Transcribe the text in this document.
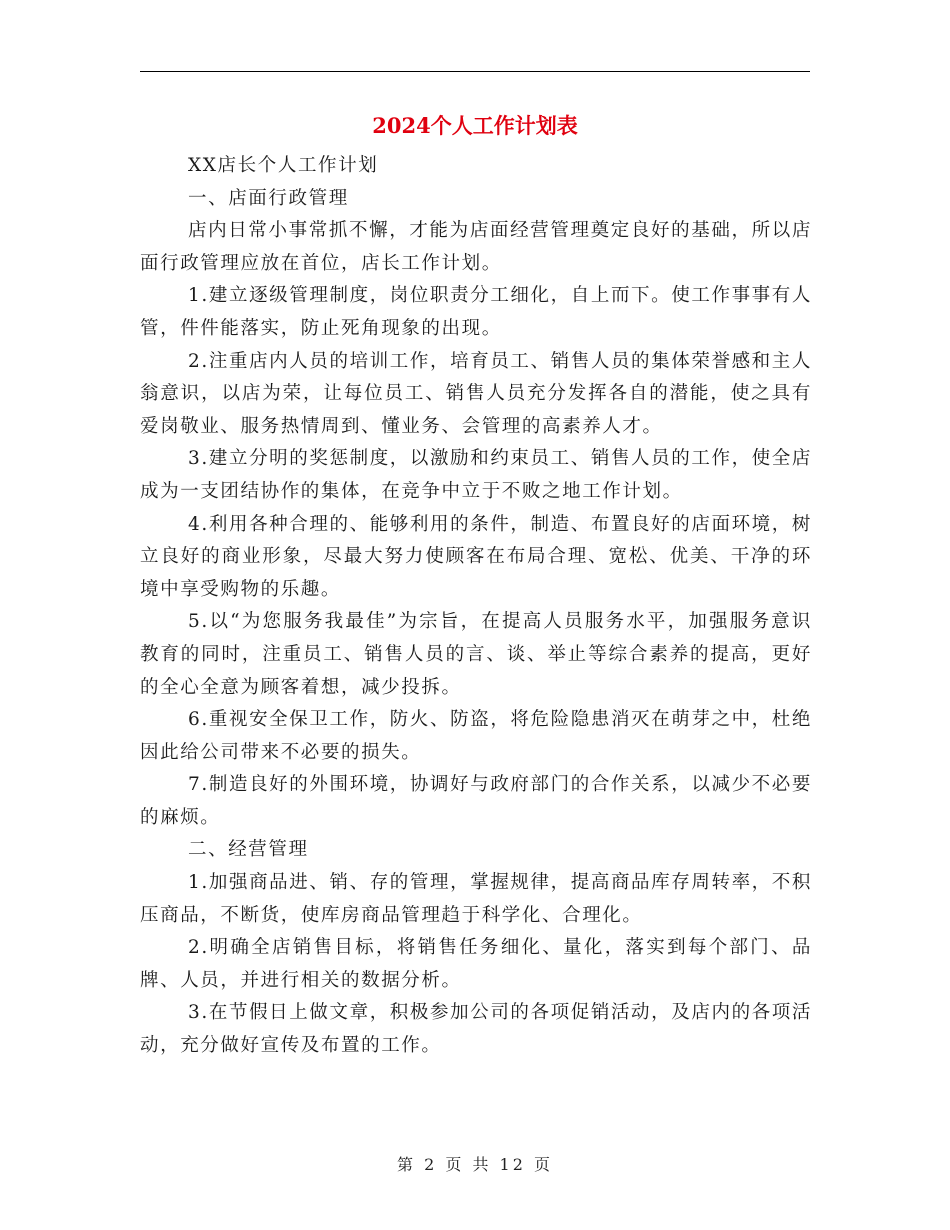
2024个人工作计划表

XX店长个人工作计划

一、店面行政管理

店内日常小事常抓不懈，才能为店面经营管理奠定良好的基础，所以店面行政管理应放在首位，店长工作计划。

1.建立逐级管理制度，岗位职责分工细化，自上而下。使工作事事有人管，件件能落实，防止死角现象的出现。

2.注重店内人员的培训工作，培育员工、销售人员的集体荣誉感和主人翁意识，以店为荣，让每位员工、销售人员充分发挥各自的潜能，使之具有爱岗敬业、服务热情周到、懂业务、会管理的高素养人才。

3.建立分明的奖惩制度，以激励和约束员工、销售人员的工作，使全店成为一支团结协作的集体，在竞争中立于不败之地工作计划。

4.利用各种合理的、能够利用的条件，制造、布置良好的店面环境，树立良好的商业形象，尽最大努力使顾客在布局合理、宽松、优美、干净的环境中享受购物的乐趣。

5.以“为您服务我最佳”为宗旨，在提高人员服务水平，加强服务意识教育的同时，注重员工、销售人员的言、谈、举止等综合素养的提高，更好的全心全意为顾客着想，减少投拆。

6.重视安全保卫工作，防火、防盗，将危险隐患消灭在萌芽之中，杜绝因此给公司带来不必要的损失。

7.制造良好的外围环境，协调好与政府部门的合作关系，以减少不必要的麻烦。

二、经营管理

1.加强商品进、销、存的管理，掌握规律，提高商品库存周转率，不积压商品，不断货，使库房商品管理趋于科学化、合理化。

2.明确全店销售目标，将销售任务细化、量化，落实到每个部门、品牌、人员，并进行相关的数据分析。

3.在节假日上做文章，积极参加公司的各项促销活动，及店内的各项活动，充分做好宣传及布置的工作。

第 2 页 共 12 页
